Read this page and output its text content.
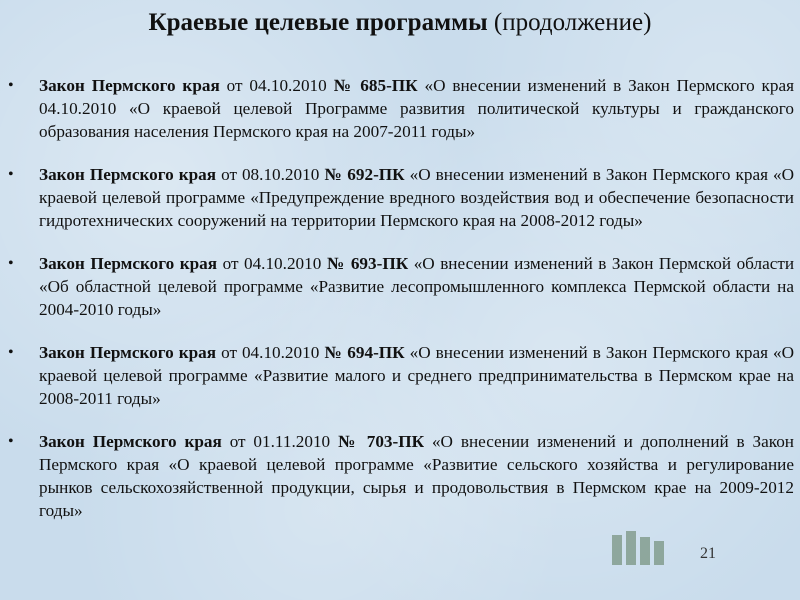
Краевые целевые программы (продолжение)
• Закон Пермского края от 04.10.2010 № 685-ПК «О внесении изменений в Закон Пермского края 04.10.2010 «О краевой целевой Программе развития политической культуры и гражданского образования населения Пермского края на 2007-2011 годы»
• Закон Пермского края от 08.10.2010 № 692-ПК «О внесении изменений в Закон Пермского края «О краевой целевой программе «Предупреждение вредного воздействия вод и обеспечение безопасности гидротехнических сооружений на территории Пермского края на 2008-2012 годы»
• Закон Пермского края от 04.10.2010 № 693-ПК «О внесении изменений в Закон Пермской области «Об областной целевой программе «Развитие лесопромышленного комплекса Пермской области на 2004-2010 годы»
• Закон Пермского края от 04.10.2010 № 694-ПК «О внесении изменений в Закон Пермского края «О краевой целевой программе «Развитие малого и среднего предпринимательства в Пермском крае на 2008-2011 годы»
• Закон Пермского края от 01.11.2010 № 703-ПК «О внесении изменений и дополнений в Закон Пермского края «О краевой целевой программе «Развитие сельского хозяйства и регулирование рынков сельскохозяйственной продукции, сырья и продовольствия в Пермском крае на 2009-2012 годы»
21
